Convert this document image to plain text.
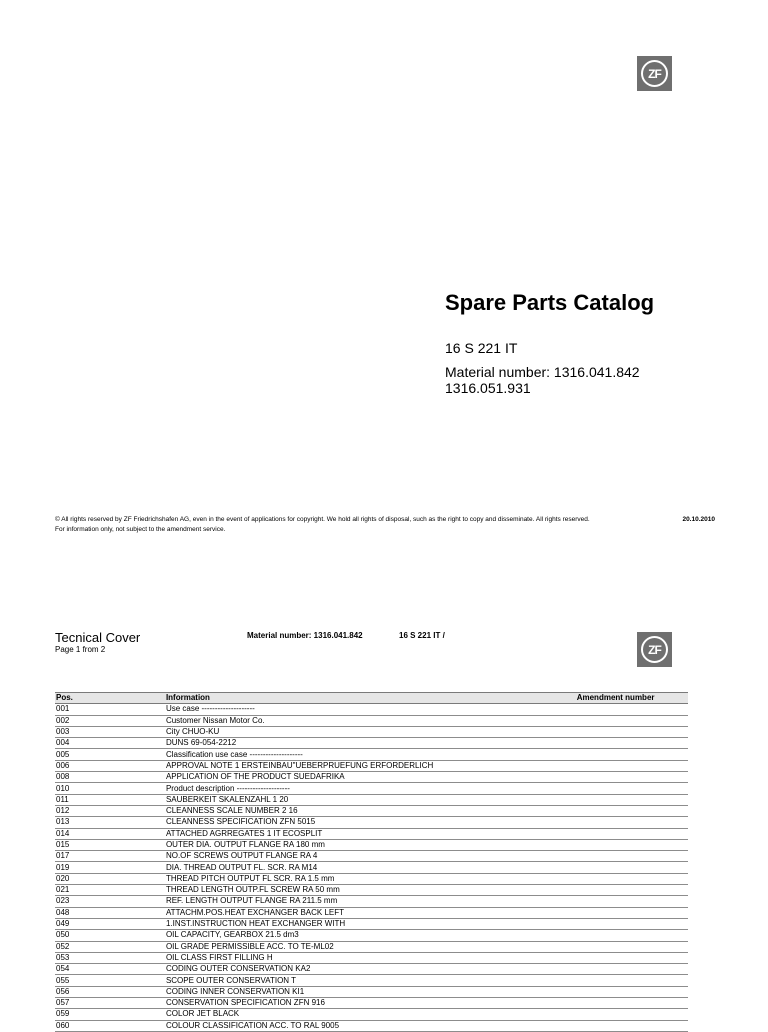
ZF
Spare Parts Catalog
16 S 221 IT
Material number: 1316.041.842
1316.051.931
© All rights reserved by ZF Friedrichshafen AG, even in the event of applications for copyright. We hold all rights of disposal, such as the right to copy and disseminate. All rights reserved.
For information only, not subject to the amendment service.
20.10.2010
Tecnical Cover
Page 1 from 2
Material number: 1316.041.842	16 S 221 IT /
ZF
Pos.	Information	Amendment number
001	Use case --------------------	
002	Customer Nissan Motor Co.	
003	City CHUO-KU	
004	DUNS 69-054-2212	
005	Classification use case --------------------	
006	APPROVAL NOTE 1 ERSTEINBAU"UEBERPRUEFUNG ERFORDERLICH	
008	APPLICATION OF THE PRODUCT SUEDAFRIKA	
010	Product description --------------------	
011	SAUBERKEIT SKALENZAHL 1 20	
012	CLEANNESS SCALE NUMBER 2 16	
013	CLEANNESS SPECIFICATION ZFN 5015	
014	ATTACHED AGRREGATES 1 IT ECOSPLIT	
015	OUTER DIA. OUTPUT FLANGE RA 180 mm	
017	NO.OF SCREWS OUTPUT FLANGE RA 4	
019	DIA. THREAD OUTPUT FL. SCR. RA M14	
020	THREAD PITCH OUTPUT FL SCR. RA 1.5 mm	
021	THREAD LENGTH OUTP.FL SCREW RA 50 mm	
023	REF. LENGTH OUTPUT FLANGE RA 211.5 mm	
048	ATTACHM.POS.HEAT EXCHANGER BACK LEFT	
049	1.INST.INSTRUCTION HEAT EXCHANGER WITH	
050	OIL CAPACITY, GEARBOX 21.5 dm3	
052	OIL GRADE PERMISSIBLE ACC. TO TE-ML02	
053	OIL CLASS FIRST FILLING H	
054	CODING OUTER CONSERVATION KA2	
055	SCOPE OUTER CONSERVATION T	
056	CODING INNER CONSERVATION KI1	
057	CONSERVATION SPECIFICATION ZFN 916	
059	COLOR JET BLACK	
060	COLOUR CLASSIFICATION ACC. TO RAL 9005	
